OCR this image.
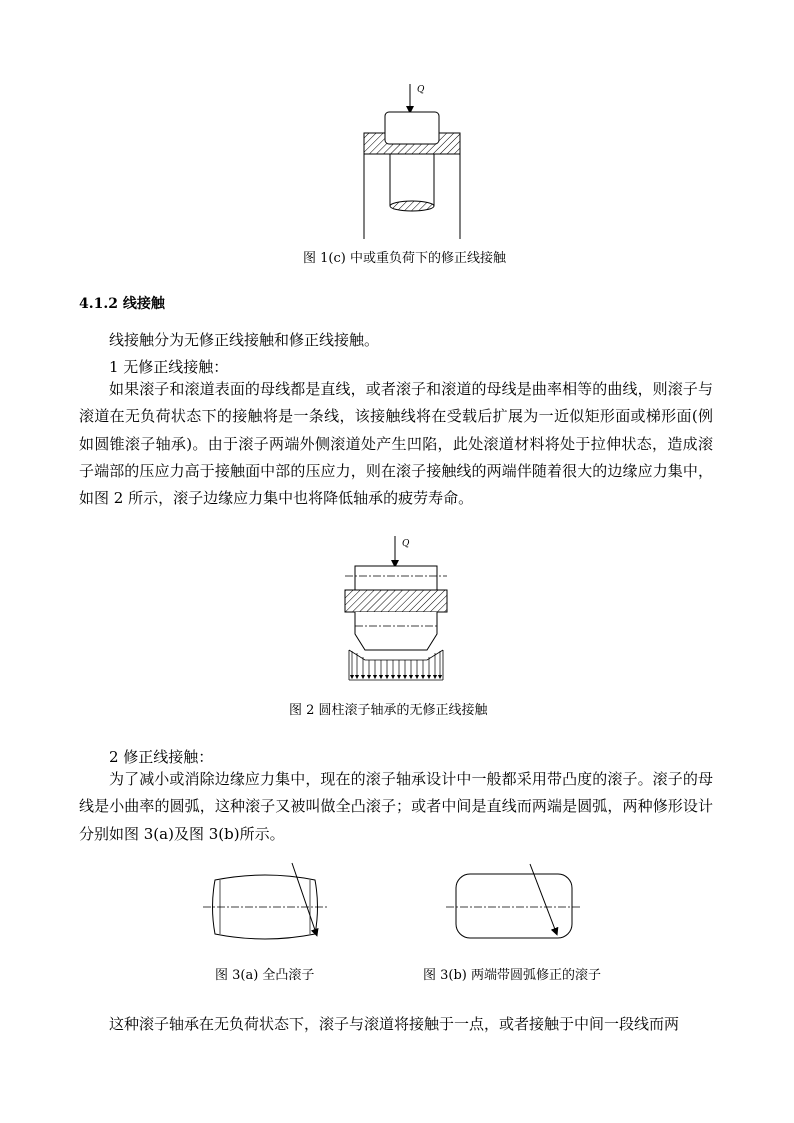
Q
图 1(c) 中或重负荷下的修正线接触
4.1.2 线接触
线接触分为无修正线接触和修正线接触。
1 无修正线接触：

如果滚子和滚道表面的母线都是直线，或者滚子和滚道的母线是曲率相等的曲线，则滚子与滚道在无负荷状态下的接触将是一条线，该接触线将在受载后扩展为一近似矩形面或梯形面(例如圆锥滚子轴承)。由于滚子两端外侧滚道处产生凹陷，此处滚道材料将处于拉伸状态，造成滚子端部的压应力高于接触面中部的压应力，则在滚子接触线的两端伴随着很大的边缘应力集中，如图 2 所示，滚子边缘应力集中也将降低轴承的疲劳寿命。

Q
图 2 圆柱滚子轴承的无修正线接触
2 修正线接触：

为了减小或消除边缘应力集中，现在的滚子轴承设计中一般都采用带凸度的滚子。滚子的母线是小曲率的圆弧，这种滚子又被叫做全凸滚子；或者中间是直线而两端是圆弧，两种修形设计分别如图 3(a)及图 3(b)所示。

图 3(a) 全凸滚子	图 3(b) 两端带圆弧修正的滚子
这种滚子轴承在无负荷状态下，滚子与滚道将接触于一点，或者接触于中间一段线而两
